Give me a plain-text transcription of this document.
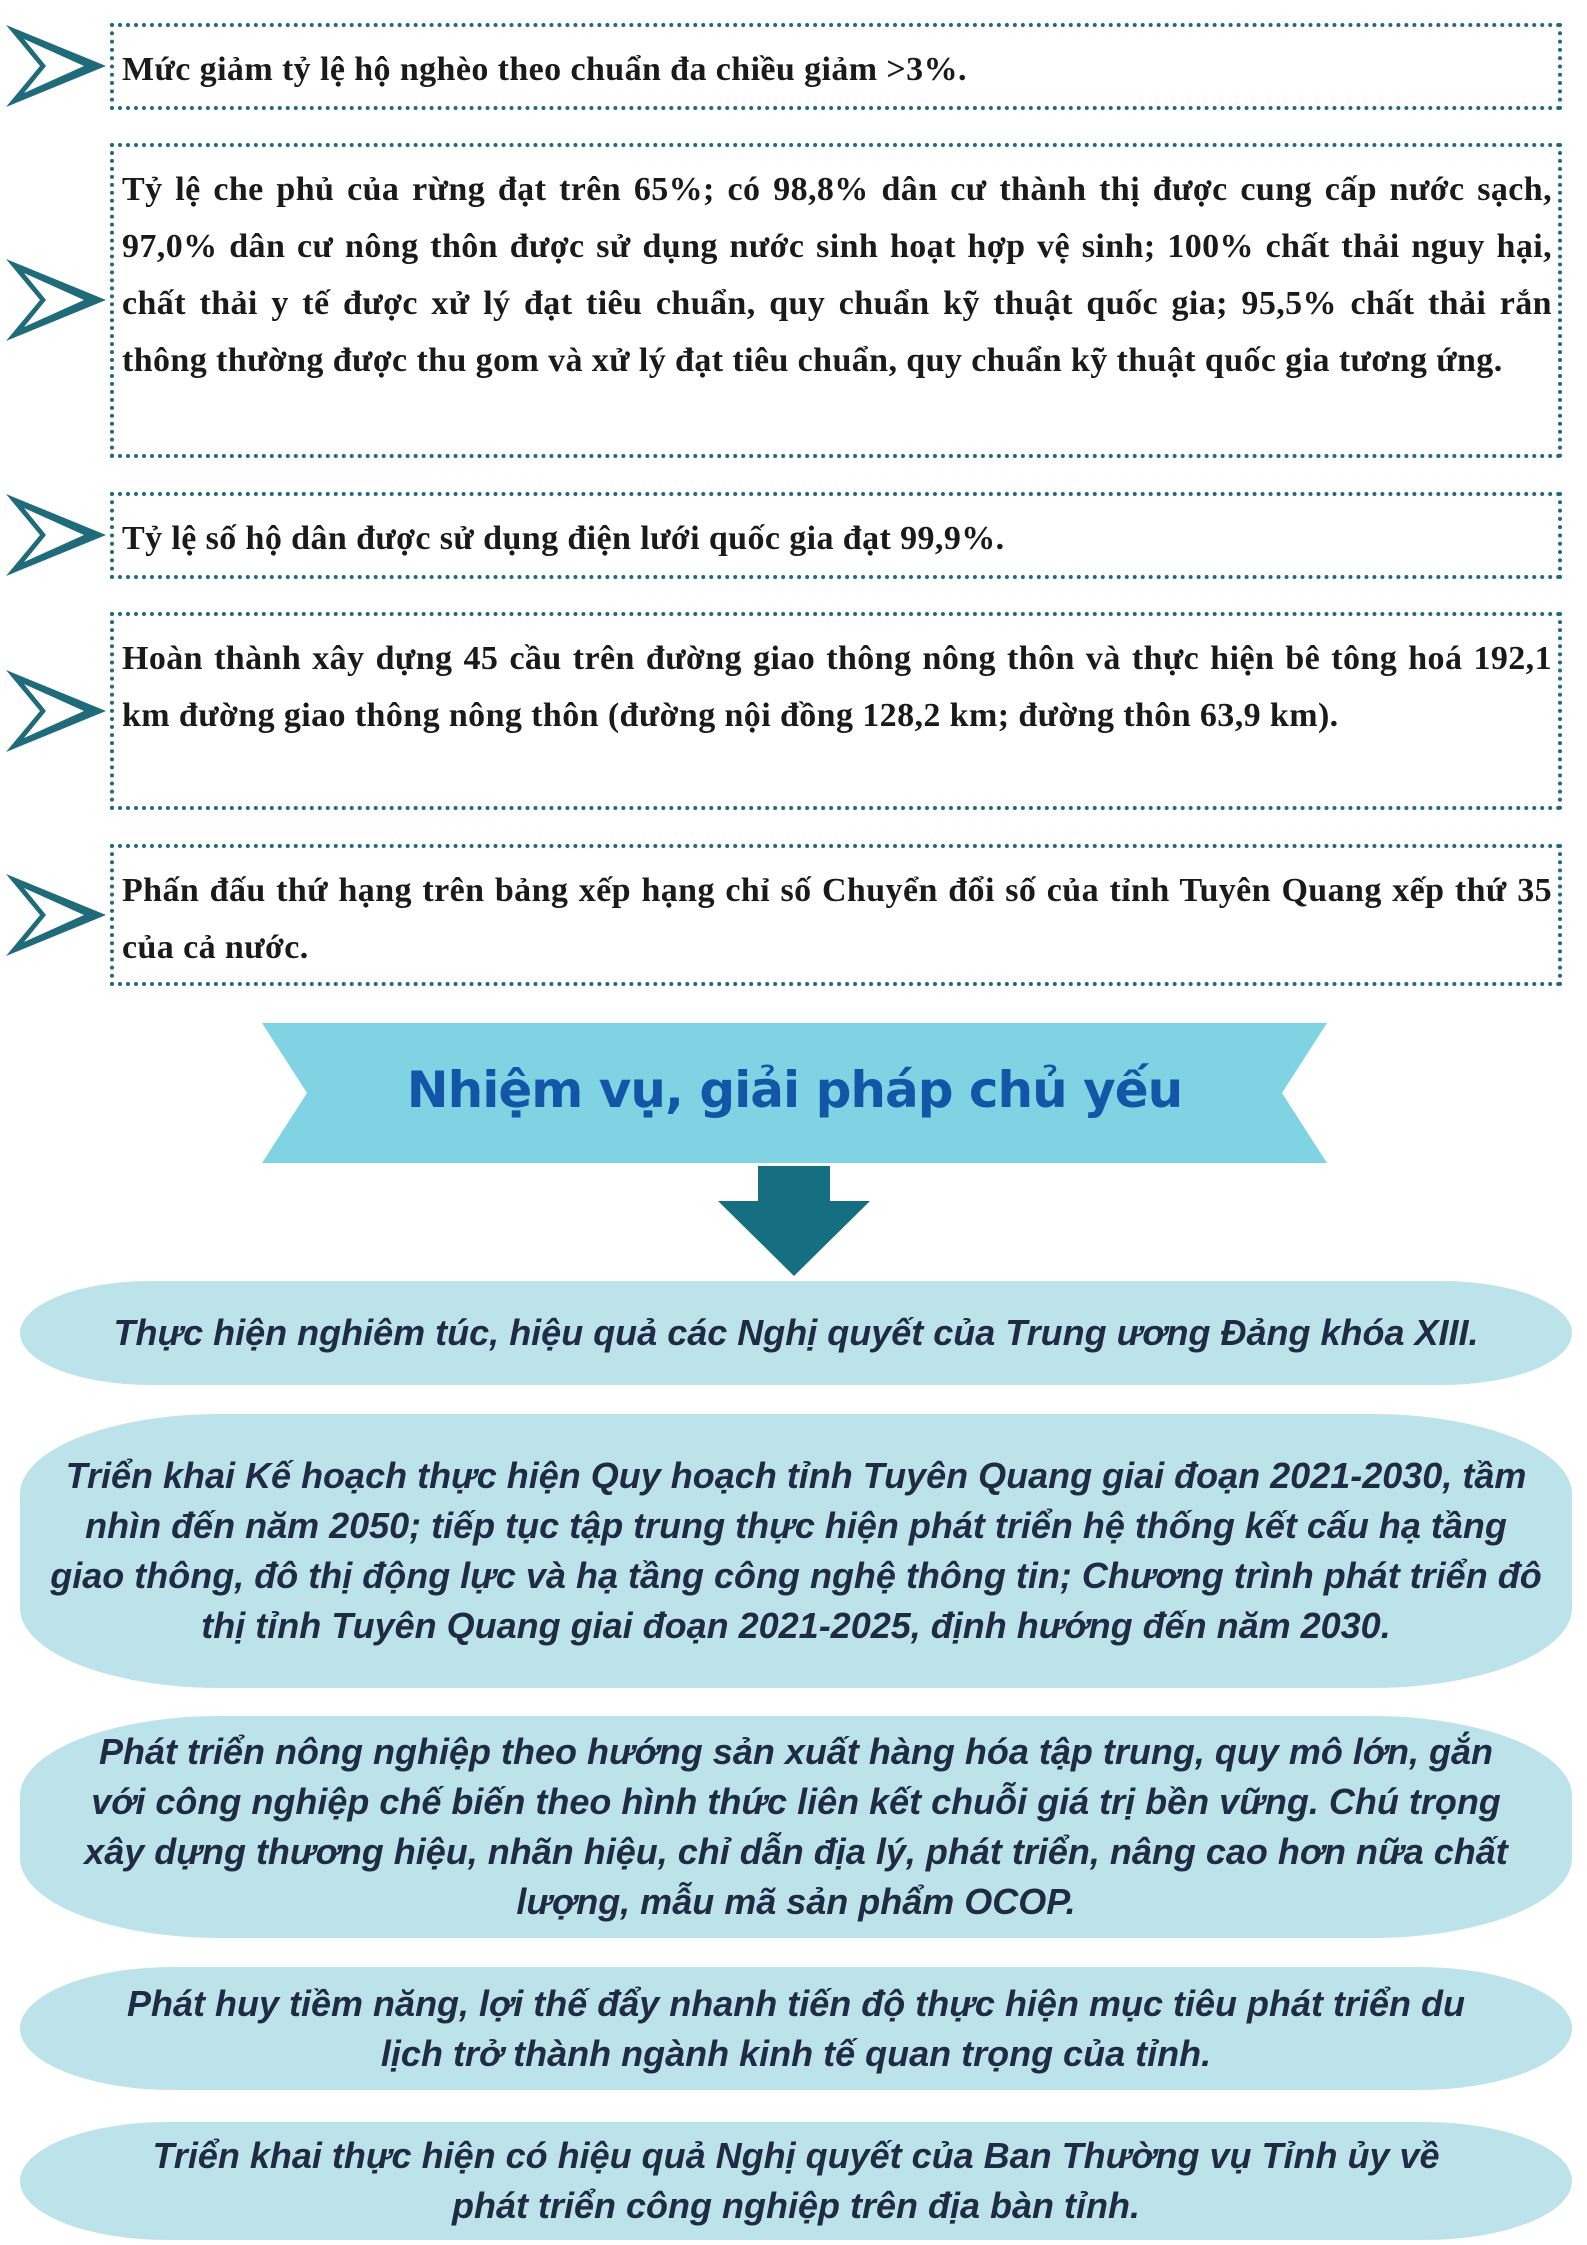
Mức giảm tỷ lệ hộ nghèo theo chuẩn đa chiều giảm >3%.
Tỷ lệ che phủ của rừng đạt trên 65%; có 98,8% dân cư thành thị được cung cấp nước sạch, 97,0% dân cư nông thôn được sử dụng nước sinh hoạt hợp vệ sinh; 100% chất thải nguy hại, chất thải y tế được xử lý đạt tiêu chuẩn, quy chuẩn kỹ thuật quốc gia; 95,5% chất thải rắn thông thường được thu gom và xử lý đạt tiêu chuẩn, quy chuẩn kỹ thuật quốc gia tương ứng.
Tỷ lệ số hộ dân được sử dụng điện lưới quốc gia đạt 99,9%.
Hoàn thành xây dựng 45 cầu trên đường giao thông nông thôn và thực hiện bê tông hoá 192,1 km đường giao thông nông thôn (đường nội đồng 128,2 km; đường thôn 63,9 km).
Phấn đấu thứ hạng trên bảng xếp hạng chỉ số Chuyển đổi số của tỉnh Tuyên Quang xếp thứ 35 của cả nước.
Nhiệm vụ, giải pháp chủ yếu
Thực hiện nghiêm túc, hiệu quả các Nghị quyết của Trung ương Đảng khóa XIII.
Triển khai Kế hoạch thực hiện Quy hoạch tỉnh Tuyên Quang giai đoạn 2021-2030, tầm nhìn đến năm 2050; tiếp tục tập trung thực hiện phát triển hệ thống kết cấu hạ tầng giao thông, đô thị động lực và hạ tầng công nghệ thông tin; Chương trình phát triển đô thị tỉnh Tuyên Quang giai đoạn 2021-2025, định hướng đến năm 2030.
Phát triển nông nghiệp theo hướng sản xuất hàng hóa tập trung, quy mô lớn, gắn với công nghiệp chế biến theo hình thức liên kết chuỗi giá trị bền vững. Chú trọng xây dựng thương hiệu, nhãn hiệu, chỉ dẫn địa lý, phát triển, nâng cao hơn nữa chất lượng, mẫu mã sản phẩm OCOP.
Phát huy tiềm năng, lợi thế đẩy nhanh tiến độ thực hiện mục tiêu phát triển du lịch trở thành ngành kinh tế quan trọng của tỉnh.
Triển khai thực hiện có hiệu quả Nghị quyết của Ban Thường vụ Tỉnh ủy về phát triển công nghiệp trên địa bàn tỉnh.
